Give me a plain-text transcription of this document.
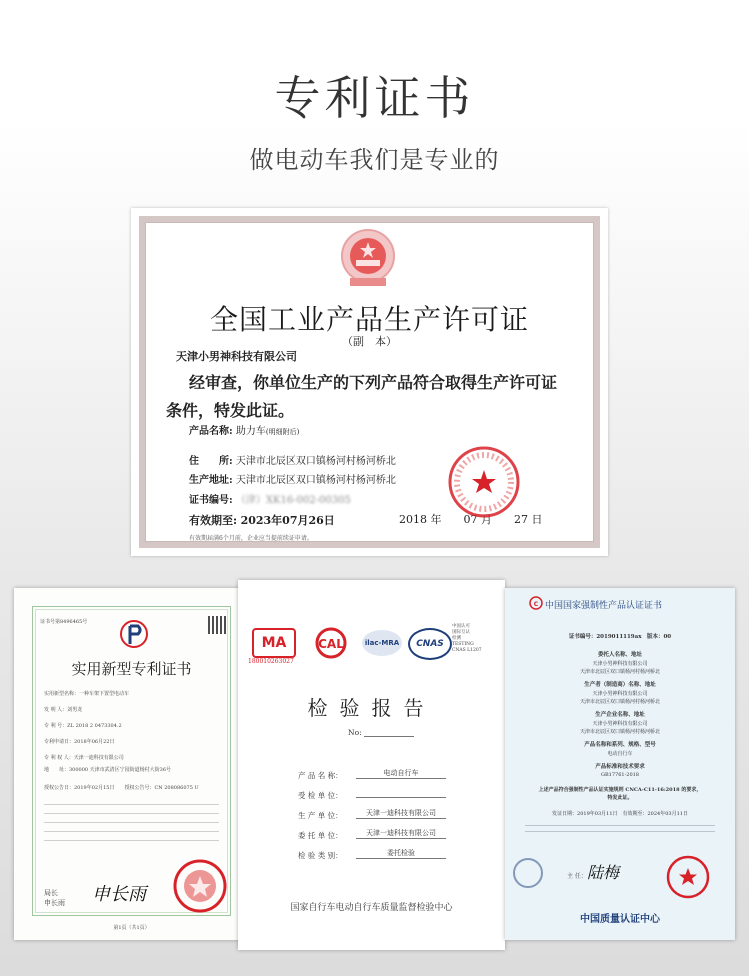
专利证书
做电动车我们是专业的
全国工业产品生产许可证
（副　本）
天津小男神科技有限公司
经审查，你单位生产的下列产品符合取得生产许可证
条件，特发此证。
产品名称: 助力车(明细附后)
住　　所: 天津市北辰区双口镇杨河村杨河桥北
生产地址: 天津市北辰区双口镇杨河村杨河桥北
证书编号: （津）XK16-002-00305
有效期至: 2023年07月26日	2018 年　　07 月　　27 日
有效期届满6个月前，企业应当提前续证申请。
证书号第8496465号
实用新型专利证书
实用新型名称：一种车架下置型电动车
发 明 人：刘男龙
专 利 号：ZL 2018 2 0473304.2
专利申请日：2018年06月22日
专 利 权 人：天津一迪科技有限公司
地　　址：300000 天津市武清区宁园街道杨村大街36号
授权公告日：2019年02月15日　　授权公告号：CN 208086075 U
局长
申长雨 申长雨
第1页（共1页）
MA
180010263027
CAL	ilac-MRA	CNAS
中国认可
国际互认
检测
TESTING
CNAS L1207
检验报告
No:
产 品 名 称：	电动自行车
受 检 单 位：
生 产 单 位：	天津一迪科技有限公司
委 托 单 位：	天津一迪科技有限公司
检 验 类 别：	委托检验
国家自行车电动自行车质量监督检验中心
C 中国国家强制性产品认证证书
证书编号：2019011119ax　版本：00
委托人名称、地址
天津小男神科技有限公司
天津市北辰区双口镇杨河村杨河桥北
生产者（制造商）名称、地址
天津小男神科技有限公司
天津市北辰区双口镇杨河村杨河桥北
生产企业名称、地址
天津小男神科技有限公司
天津市北辰区双口镇杨河村杨河桥北
产品名称和系列、规格、型号
电动自行车
产品标准和技术要求
GB17761-2018
上述产品符合强制性产品认证实施规则 CNCA-C11-16:2018 的要求，
特发此证。
发证日期：2019年03月11日　有效期至：2024年03月11日
主 任： 陆梅
中国质量认证中心
